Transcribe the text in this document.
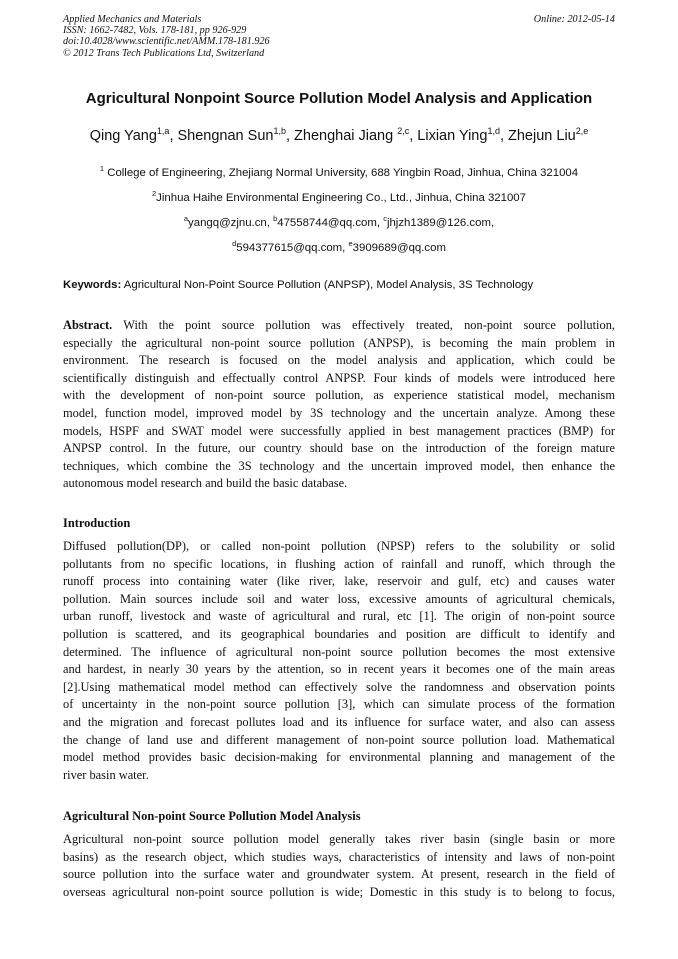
Applied Mechanics and Materials
ISSN: 1662-7482, Vols. 178-181, pp 926-929
doi:10.4028/www.scientific.net/AMM.178-181.926
© 2012 Trans Tech Publications Ltd, Switzerland
Online: 2012-05-14
Agricultural Nonpoint Source Pollution Model Analysis and Application
Qing Yang$^{1,a}$, Shengnan Sun$^{1,b}$, Zhenghai Jiang $^{2,c}$, Lixian Ying$^{1,d}$, Zhejun Liu$^{2,e}$
$^1$ College of Engineering, Zhejiang Normal University, 688 Yingbin Road, Jinhua, China 321004
$^2$Jinhua Haihe Environmental Engineering Co., Ltd., Jinhua, China 321007
$^a$yangq@zjnu.cn, $^b$47558744@qq.com, $^c$jhjzh1389@126.com,
$^d$594377615@qq.com, $^e$3909689@qq.com
Keywords: Agricultural Non-Point Source Pollution (ANPSP), Model Analysis, 3S Technology
Abstract. With the point source pollution was effectively treated, non-point source pollution,
especially the agricultural non-point source pollution (ANPSP), is becoming the main problem in
environment. The research is focused on the model analysis and application, which could be
scientifically distinguish and effectually control ANPSP. Four kinds of models were introduced here
with the development of non-point source pollution, as experience statistical model, mechanism
model, function model, improved model by 3S technology and the uncertain analyze. Among these
models, HSPF and SWAT model were successfully applied in best management practices (BMP) for
ANPSP control. In the future, our country should base on the introduction of the foreign mature
techniques, which combine the 3S technology and the uncertain improved model, then enhance the
autonomous model research and build the basic database.
Introduction
Diffused pollution(DP), or called non-point pollution (NPSP) refers to the solubility or solid
pollutants from no specific locations, in flushing action of rainfall and runoff, which through the
runoff process into containing water (like river, lake, reservoir and gulf, etc) and causes water
pollution. Main sources include soil and water loss, excessive amounts of agricultural chemicals,
urban runoff, livestock and waste of agricultural and rural, etc [1]. The origin of non-point source
pollution is scattered, and its geographical boundaries and position are difficult to identify and
determined. The influence of agricultural non-point source pollution becomes the most extensive
and hardest, in nearly 30 years by the attention, so in recent years it becomes one of the main areas
[2].Using mathematical model method can effectively solve the randomness and observation points
of uncertainty in the non-point source pollution [3], which can simulate process of the formation
and the migration and forecast pollutes load and its influence for surface water, and also can assess
the change of land use and different management of non-point source pollution load. Mathematical
model method provides basic decision-making for environmental planning and management of the
river basin water.
Agricultural Non-point Source Pollution Model Analysis
Agricultural non-point source pollution model generally takes river basin (single basin or more
basins) as the research object, which studies ways, characteristics of intensity and laws of non-point
source pollution into the surface water and groundwater system. At present, research in the field of
overseas agricultural non-point source pollution is wide; Domestic in this study is to belong to focus,
